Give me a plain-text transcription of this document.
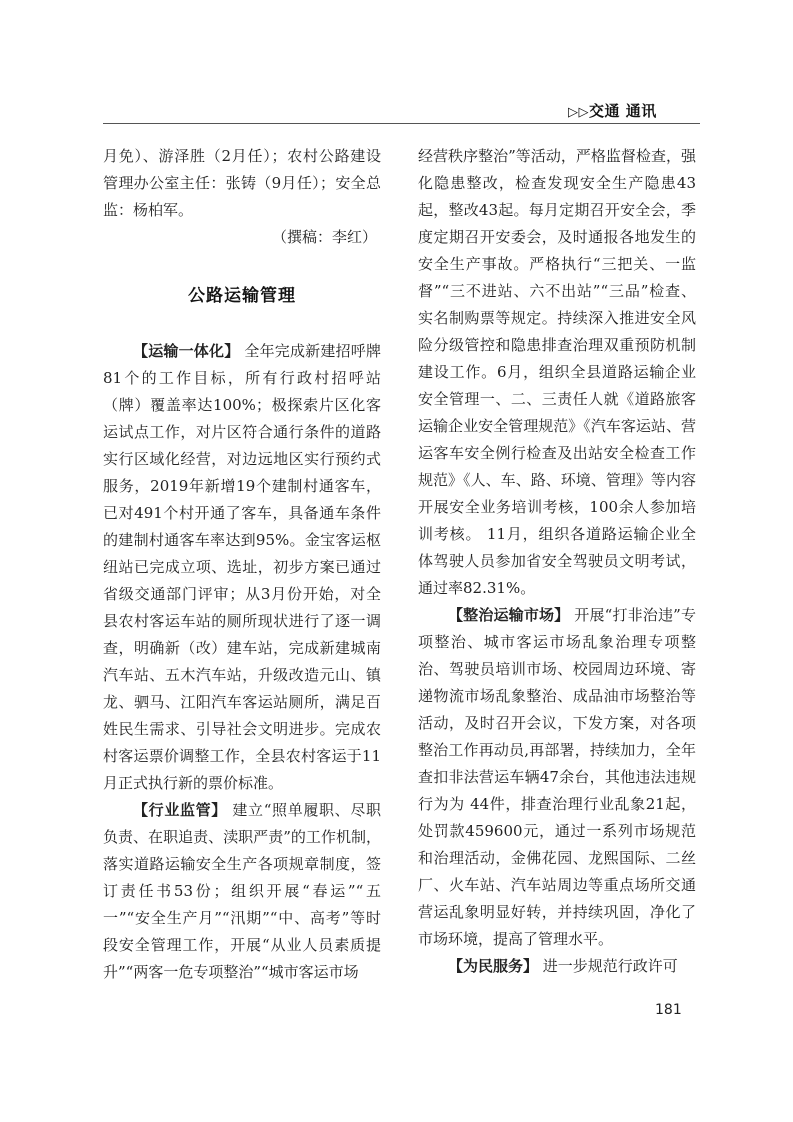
▷▷交通 通讯

月免）、游泽胜（2月任）；农村公路建设管理办公室主任：张铸（9月任）；安全总监：杨柏军。

（撰稿：李红）

公路运输管理

【运输一体化】 全年完成新建招呼牌81个的工作目标，所有行政村招呼站（牌）覆盖率达100%；极探索片区化客运试点工作，对片区符合通行条件的道路实行区域化经营，对边远地区实行预约式服务，2019年新增19个建制村通客车，已对491个村开通了客车，具备通车条件的建制村通客车率达到95%。金宝客运枢纽站已完成立项、选址，初步方案已通过省级交通部门评审；从3月份开始，对全县农村客运车站的厕所现状进行了逐一调查，明确新（改）建车站，完成新建城南汽车站、五木汽车站，升级改造元山、镇龙、驷马、江阳汽车客运站厕所，满足百姓民生需求、引导社会文明进步。完成农村客运票价调整工作，全县农村客运于11月正式执行新的票价标准。

【行业监管】 建立“照单履职、尽职负责、在职追责、渎职严责”的工作机制，落实道路运输安全生产各项规章制度，签订责任书53份；组织开展“春运”“五一”“安全生产月”“汛期”“中、高考”等时段安全管理工作，开展“从业人员素质提升”“两客一危专项整治”“城市客运市场

经营秩序整治”等活动，严格监督检查，强化隐患整改，检查发现安全生产隐患43起，整改43起。每月定期召开安全会，季度定期召开安委会，及时通报各地发生的安全生产事故。严格执行“三把关、一监督”“三不进站、六不出站”“三品”检查、实名制购票等规定。持续深入推进安全风险分级管控和隐患排查治理双重预防机制建设工作。6月，组织全县道路运输企业安全管理一、二、三责任人就《道路旅客运输企业安全管理规范》《汽车客运站、营运客车安全例行检查及出站安全检查工作规范》《人、车、路、环境、管理》等内容开展安全业务培训考核，100余人参加培训考核。 11月，组织各道路运输企业全体驾驶人员参加省安全驾驶员文明考试，通过率82.31%。

【整治运输市场】 开展“打非治违”专项整治、城市客运市场乱象治理专项整治、驾驶员培训市场、校园周边环境、寄递物流市场乱象整治、成品油市场整治等活动，及时召开会议，下发方案，对各项整治工作再动员,再部署，持续加力，全年查扣非法营运车辆47余台，其他违法违规行为为 44件，排查治理行业乱象21起，处罚款459600元，通过一系列市场规范和治理活动，金佛花园、龙熙国际、二丝厂、火车站、汽车站周边等重点场所交通营运乱象明显好转，并持续巩固，净化了市场环境，提高了管理水平。

【为民服务】 进一步规范行政许可

181
